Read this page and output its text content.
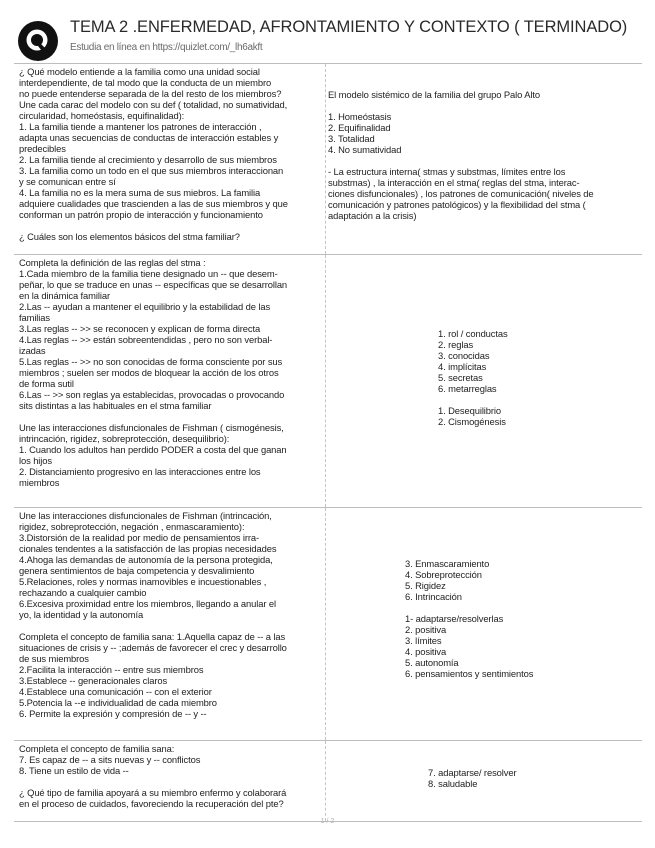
TEMA 2 .ENFERMEDAD, AFRONTAMIENTO Y CONTEXTO ( TERMINADO)
Estudia en línea en https://quizlet.com/_lh6akft
¿ Qué modelo entiende a la familia como una unidad social
interdependiente, de tal modo que la conducta de un miembro
no puede entenderse separada de la del resto de los miembros?
Une cada carac del modelo con su def ( totalidad, no sumatividad,
circularidad, homeóstasis, equifinalidad):
1. La familia tiende a mantener los patrones de interacción ,
adapta unas secuencias de conductas de interacción estables y
predecibles
2. La familia tiende al crecimiento y desarrollo de sus miembros
3. La familia como un todo en el que sus miembros interaccionan
y se comunican entre sí
4. La familia no es la mera suma de sus miebros. La familia
adquiere cualidades que trascienden a las de sus miembros y que
conforman un patrón propio de interacción y funcionamiento
¿ Cuáles son los elementos básicos del stma familiar?
El modelo sistémico de la familia del grupo Palo Alto
1. Homeóstasis
2. Equifinalidad
3. Totalidad
4. No sumatividad
- La estructura interna( stmas y substmas, límites entre los
substmas) , la interacción en el stma( reglas del stma, interac-
ciones disfuncionales) , los patrones de comunicación( niveles de
comunicación y patrones patológicos) y la flexibilidad del stma (
adaptación a la crisis)
Completa la definición de las reglas del stma :
1.Cada miembro de la familia tiene designado un -- que desem-
peñar, lo que se traduce en unas -- específicas que se desarrollan
en la dinámica familiar
2.Las -- ayudan a mantener el equilibrio y la estabilidad de las
familias
3.Las reglas -- >> se reconocen y explican de forma directa
4.Las reglas -- >> están sobreentendidas , pero no son verbal-
izadas
5.Las reglas -- >> no son conocidas de forma consciente por sus
miembros ; suelen ser modos de bloquear la acción de los otros
de forma sutil
6.Las -- >> son reglas ya establecidas, provocadas o provocando
sits distintas a las habituales en el stma familiar
Une las interacciones disfuncionales de Fishman ( cismogénesis,
intrincación, rigidez, sobreprotección, desequilibrio):
1. Cuando los adultos han perdido PODER a costa del que ganan
los hijos
2. Distanciamiento progresivo en las interacciones entre los
miembros
1. rol / conductas
2. reglas
3. conocidas
4. implícitas
5. secretas
6. metarreglas
1. Desequilibrio
2. Cismogénesis
Une las interacciones disfuncionales de Fishman (intrincación,
rigidez, sobreprotección, negación , enmascaramiento):
3.Distorsión de la realidad por medio de pensamientos irra-
cionales tendentes a la satisfacción de las propias necesidades
4.Ahoga las demandas de autonomía de la persona protegida,
genera sentimientos de baja competencia y desvalimiento
5.Relaciones, roles y normas inamovibles e incuestionables ,
rechazando a cualquier cambio
6.Excesiva proximidad entre los miembros, llegando a anular el
yo, la identidad y la autonomía
Completa el concepto de familia sana: 1.Aquella capaz de -- a las
situaciones de crisis y -- ;además de favorecer el crec y desarrollo
de sus miembros
2.Facilita la interacción -- entre sus miembros
3.Establece -- generacionales claros
4.Establece una comunicación -- con el exterior
5.Potencia la --e individualidad de cada miembro
6. Permite la expresión y compresión de -- y --
3. Enmascaramiento
4. Sobreprotección
5. Rigidez
6. Intrincación
1- adaptarse/resolverlas
2. positiva
3. límites
4. positiva
5. autonomía
6. pensamientos y sentimientos
Completa el concepto de familia sana:
7. Es capaz de -- a sits nuevas y -- conflictos
8. Tiene un estilo de vida --
¿ Qué tipo de familia apoyará a su miembro enfermo y colaborará
en el proceso de cuidados, favoreciendo la recuperación del pte?
7. adaptarse/ resolver
8. saludable
1 / 2
